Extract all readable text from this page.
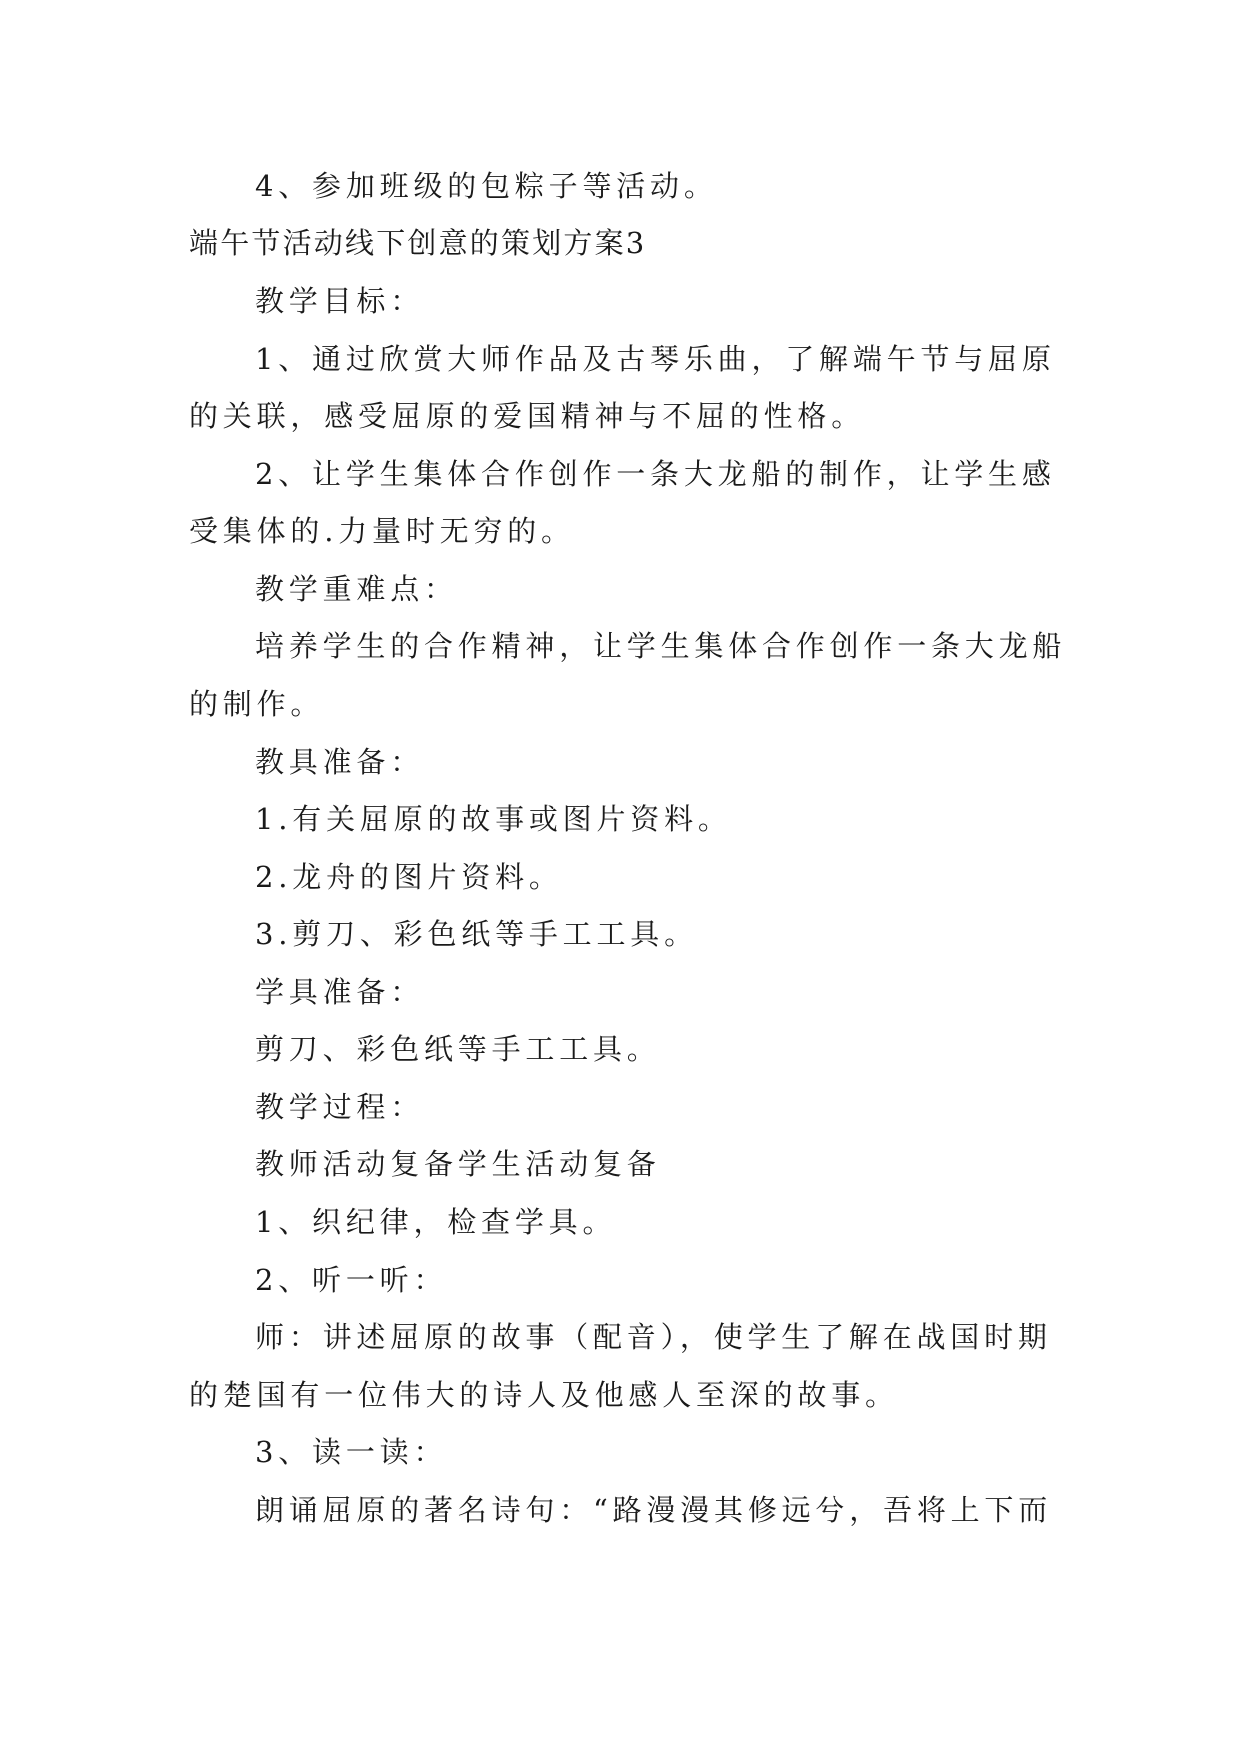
4、参加班级的包粽子等活动。
端午节活动线下创意的策划方案3
教学目标：
1、通过欣赏大师作品及古琴乐曲，了解端午节与屈原
的关联，感受屈原的爱国精神与不屈的性格。
2、让学生集体合作创作一条大龙船的制作，让学生感
受集体的.力量时无穷的。
教学重难点：
培养学生的合作精神，让学生集体合作创作一条大龙船
的制作。
教具准备：
1.有关屈原的故事或图片资料。
2.龙舟的图片资料。
3.剪刀、彩色纸等手工工具。
学具准备：
剪刀、彩色纸等手工工具。
教学过程：
教师活动复备学生活动复备
1、织纪律，检查学具。
2、听一听：
师：讲述屈原的故事（配音），使学生了解在战国时期
的楚国有一位伟大的诗人及他感人至深的故事。
3、读一读：
朗诵屈原的著名诗句：“路漫漫其修远兮，吾将上下而
